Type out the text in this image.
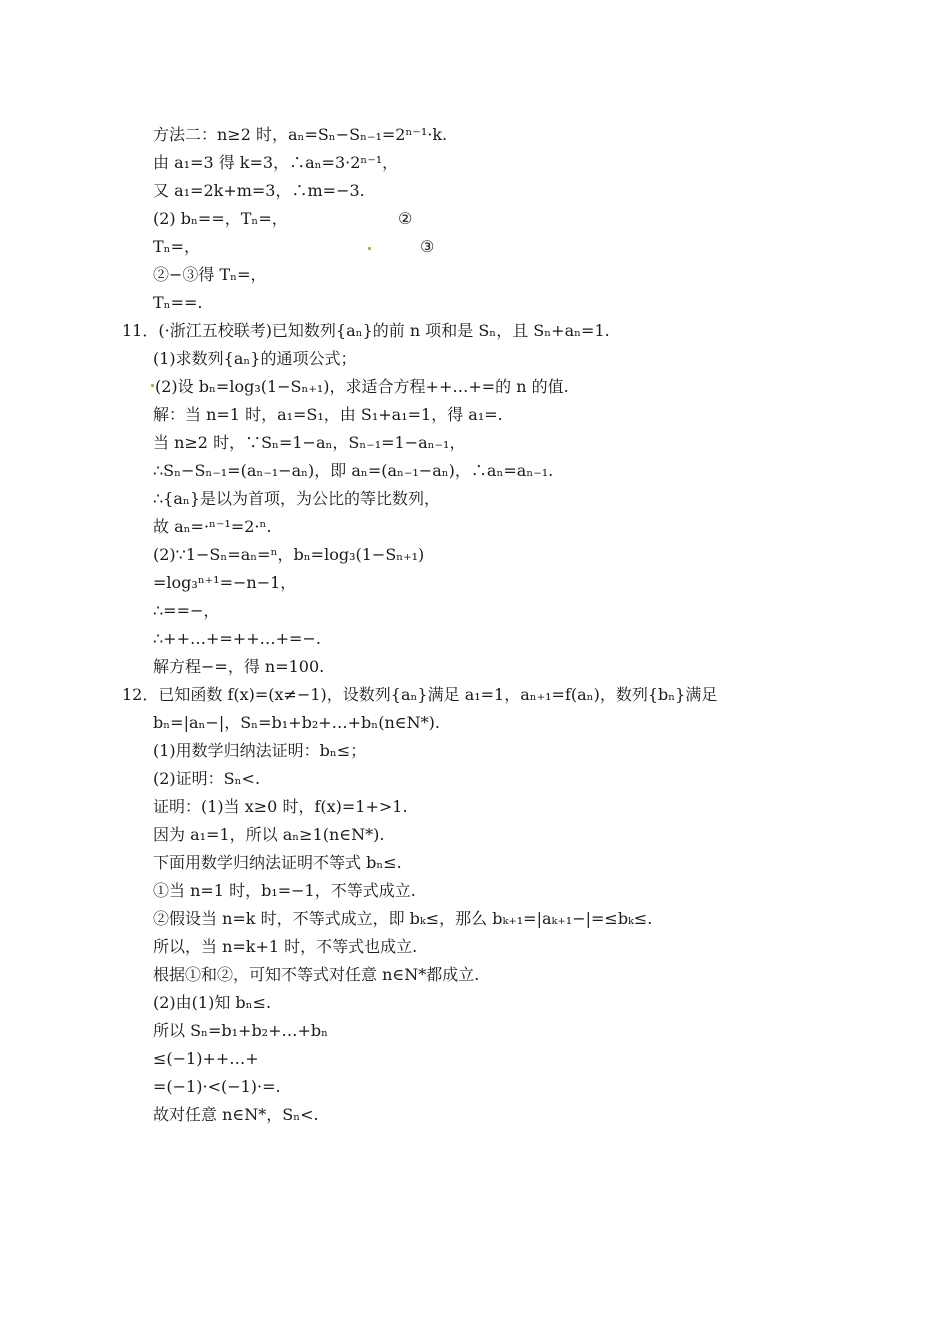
方法二：n≥2 时，aₙ=Sₙ−Sₙ₋₁=2ⁿ⁻¹·k.
由 a₁=3 得 k=3，∴aₙ=3·2ⁿ⁻¹，
又 a₁=2k+m=3，∴m=−3.
(2) bₙ==，Tₙ=，	②
Tₙ=，	③
②−③得 Tₙ=，
Tₙ==.
11．(·浙江五校联考)已知数列{aₙ}的前 n 项和是 Sₙ，且 Sₙ+aₙ=1.
(1)求数列{aₙ}的通项公式；
(2)设 bₙ=log₃(1−Sₙ₊₁)，求适合方程++…+=的 n 的值.
解：当 n=1 时，a₁=S₁，由 S₁+a₁=1，得 a₁=.
当 n≥2 时，∵Sₙ=1−aₙ，Sₙ₋₁=1−aₙ₋₁，
∴Sₙ−Sₙ₋₁=(aₙ₋₁−aₙ)，即 aₙ=(aₙ₋₁−aₙ)，∴aₙ=aₙ₋₁.
∴{aₙ}是以为首项，为公比的等比数列，
故 aₙ=·ⁿ⁻¹=2·ⁿ.
(2)∵1−Sₙ=aₙ=ⁿ，bₙ=log₃(1−Sₙ₊₁)
=log₃ⁿ⁺¹=−n−1，
∴==−，
∴++…+=++…+=−.
解方程−=，得 n=100.
12．已知函数 f(x)=(x≠−1)，设数列{aₙ}满足 a₁=1，aₙ₊₁=f(aₙ)，数列{bₙ}满足
bₙ=|aₙ−|，Sₙ=b₁+b₂+…+bₙ(n∈N*).
(1)用数学归纳法证明：bₙ≤；
(2)证明：Sₙ<.
证明：(1)当 x≥0 时，f(x)=1+>1.
因为 a₁=1，所以 aₙ≥1(n∈N*).
下面用数学归纳法证明不等式 bₙ≤.
①当 n=1 时，b₁=−1，不等式成立.
②假设当 n=k 时，不等式成立，即 bₖ≤，那么 bₖ₊₁=|aₖ₊₁−|=≤bₖ≤.
所以，当 n=k+1 时，不等式也成立.
根据①和②，可知不等式对任意 n∈N*都成立.
(2)由(1)知 bₙ≤.
所以 Sₙ=b₁+b₂+…+bₙ
≤(−1)++…+
=(−1)·<(−1)·=.
故对任意 n∈N*，Sₙ<.
